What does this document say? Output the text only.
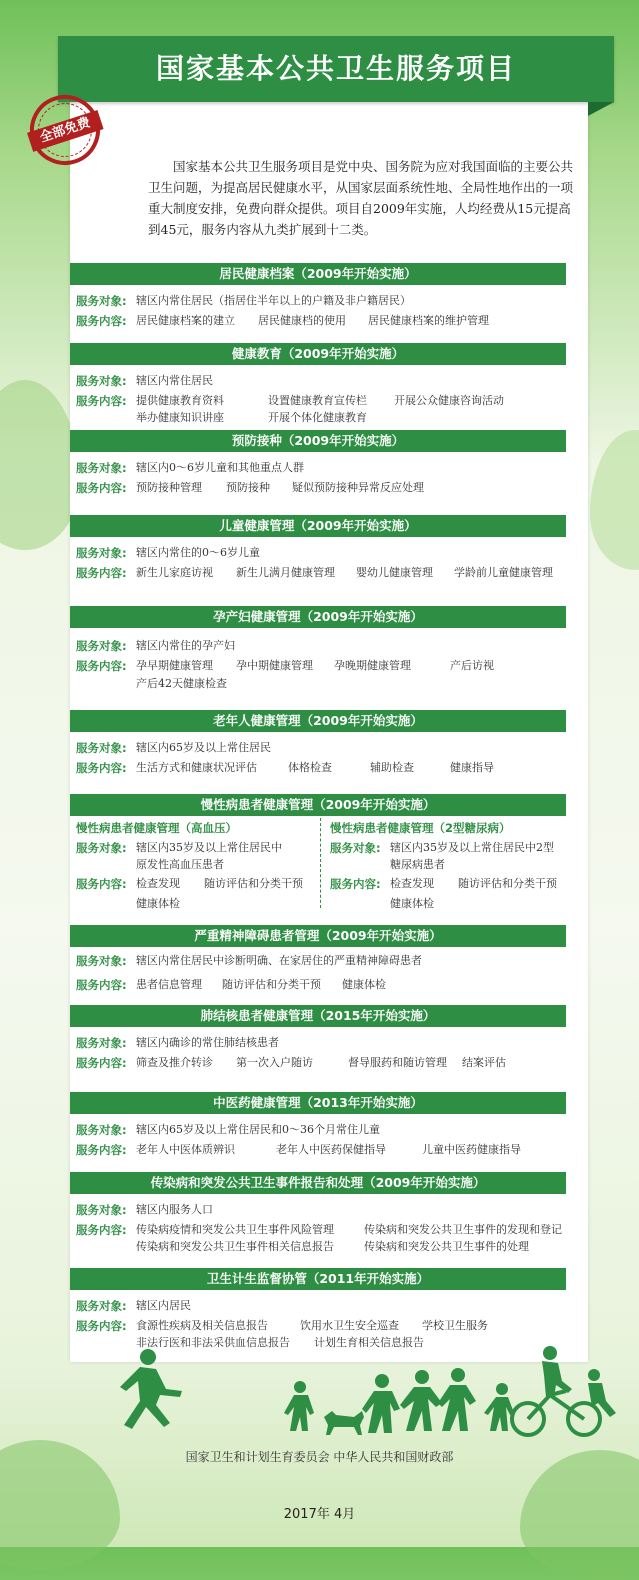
国家基本公共卫生服务项目
全部免费
国家基本公共卫生服务项目是党中央、国务院为应对我国面临的主要公共卫生问题，为提高居民健康水平，从国家层面系统性地、全局性地作出的一项重大制度安排，免费向群众提供。项目自2009年实施，人均经费从15元提高到45元，服务内容从九类扩展到十二类。
居民健康档案（2009年开始实施）
服务对象: 辖区内常住居民（指居住半年以上的户籍及非户籍居民）
服务内容: 居民健康档案的建立 居民健康档的使用 居民健康档案的维护管理
健康教育（2009年开始实施）
服务对象: 辖区内常住居民
服务内容: 提供健康教育资料	设置健康教育宣传栏 开展公众健康咨询活动
举办健康知识讲座	开展个体化健康教育
预防接种（2009年开始实施）
服务对象: 辖区内0～6岁儿童和其他重点人群
服务内容: 预防接种管理 预防接种 疑似预防接种异常反应处理
儿童健康管理（2009年开始实施）
服务对象: 辖区内常住的0～6岁儿童
服务内容: 新生儿家庭访视 新生儿满月健康管理 婴幼儿健康管理 学龄前儿童健康管理
孕产妇健康管理（2009年开始实施）
服务对象: 辖区内常住的孕产妇
服务内容: 孕早期健康管理 孕中期健康管理 孕晚期健康管理	产后访视
产后42天健康检查
老年人健康管理（2009年开始实施）
服务对象: 辖区内65岁及以上常住居民
服务内容: 生活方式和健康状况评估	体格检查	辅助检查	健康指导
慢性病患者健康管理（2009年开始实施）
慢性病患者健康管理（高血压）
服务对象: 辖区内35岁及以上常住居民中
原发性高血压患者
服务内容: 检查发现 随访评估和分类干预
健康体检
慢性病患者健康管理（2型糖尿病）
服务对象: 辖区内35岁及以上常住居民中2型
糖尿病患者
服务内容: 检查发现 随访评估和分类干预
健康体检
严重精神障碍患者管理（2009年开始实施）
服务对象: 辖区内常住居民中诊断明确、在家居住的严重精神障碍患者
服务内容: 患者信息管理 随访评估和分类干预 健康体检
肺结核患者健康管理（2015年开始实施）
服务对象: 辖区内确诊的常住肺结核患者
服务内容: 筛查及推介转诊 第一次入户随访	督导服药和随访管理 结案评估
中医药健康管理（2013年开始实施）
服务对象: 辖区内65岁及以上常住居民和0～36个月常住儿童
服务内容: 老年人中医体质辨识	老年人中医药保健指导	儿童中医药健康指导
传染病和突发公共卫生事件报告和处理（2009年开始实施）
服务对象: 辖区内服务人口
服务内容: 传染病疫情和突发公共卫生事件风险管理	传染病和突发公共卫生事件的发现和登记
传染病和突发公共卫生事件相关信息报告	传染病和突发公共卫生事件的处理
卫生计生监督协管（2011年开始实施）
服务对象: 辖区内居民
服务内容: 食源性疾病及相关信息报告	饮用水卫生安全巡查 学校卫生服务
非法行医和非法采供血信息报告 计划生育相关信息报告
国家卫生和计划生育委员会 中华人民共和国财政部
2017年 4月
